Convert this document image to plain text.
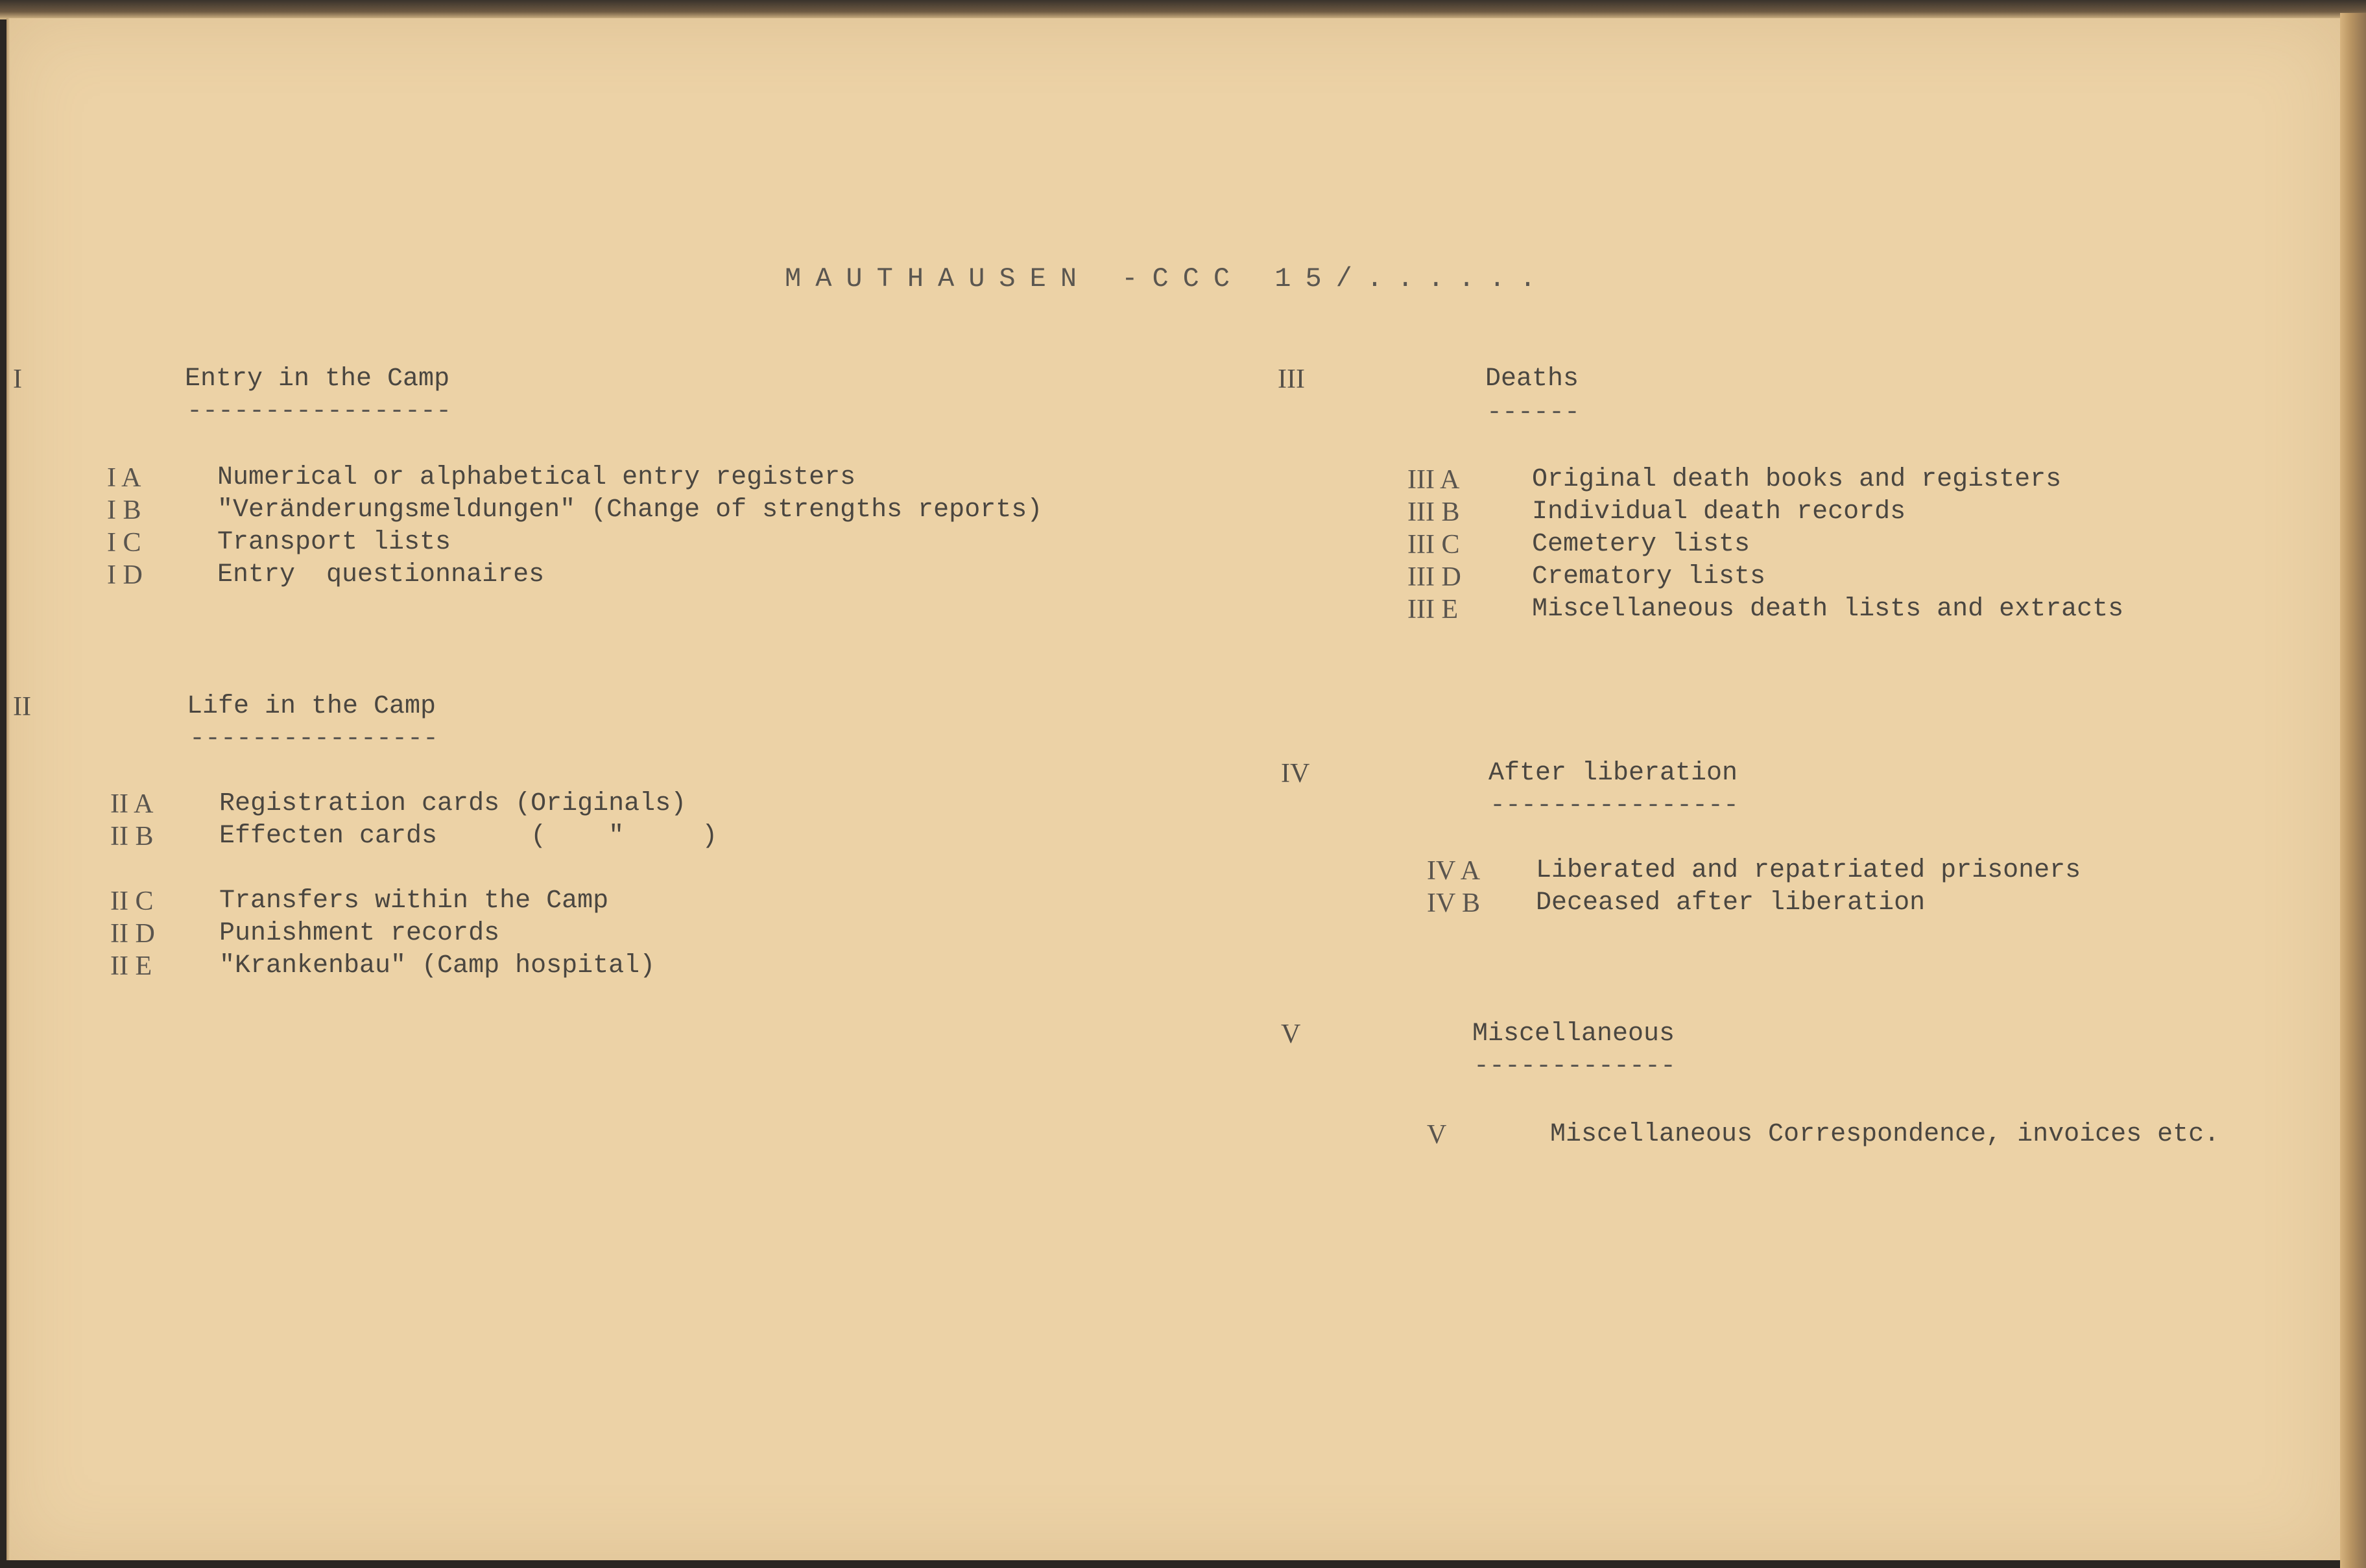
MAUTHAUSEN -CCC 15/......
I	Entry in the Camp
-----------------
I A	Numerical or alphabetical entry registers
I B	"Veränderungsmeldungen" (Change of strengths reports)
I C	Transport lists
I D	Entry  questionnaires
II	Life in the Camp
----------------
II A	Registration cards (Originals)
II B	Effecten cards      (    "     )
II C	Transfers within the Camp
II D Punishment records
II E	"Krankenbau" (Camp hospital)
III	Deaths
------
III A	Original death books and registers
III B	Individual death records
III C	Cemetery lists
III D	Crematory lists
III E	Miscellaneous death lists and extracts
IV	After liberation
----------------
IV A Liberated and repatriated prisoners
IV B Deceased after liberation
V	Miscellaneous
-------------
V	Miscellaneous Correspondence, invoices etc.
